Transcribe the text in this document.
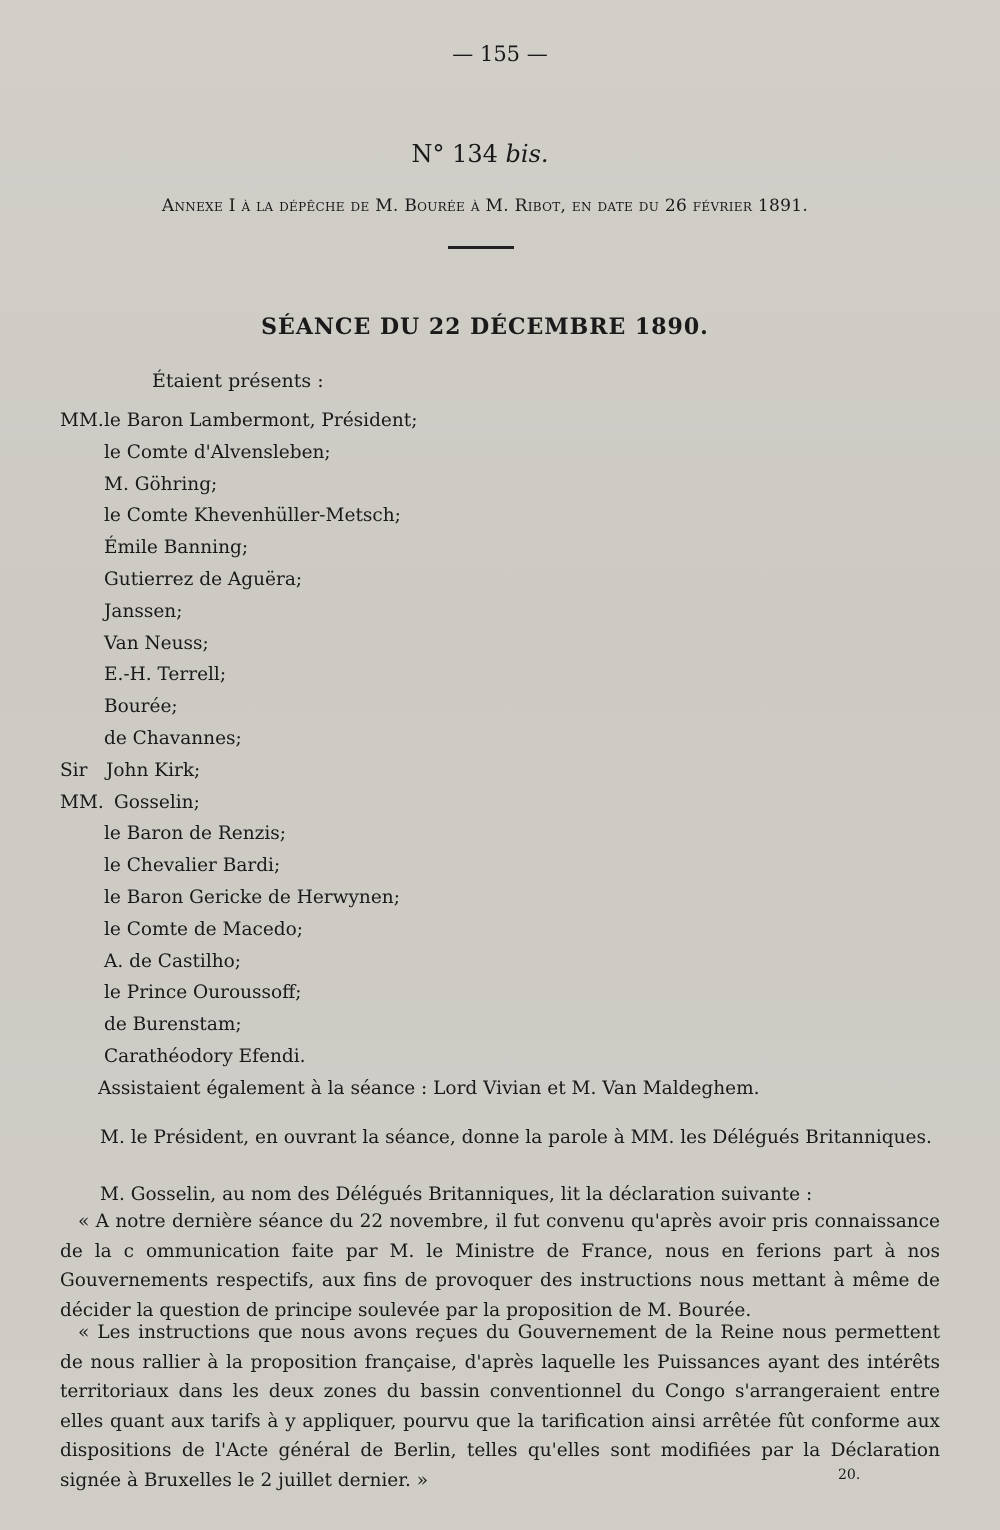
— 155 —
N° 134 bis.
Annexe I à la dépêche de M. Bourée à M. Ribot, en date du 26 février 1891.
SÉANCE DU 22 DÉCEMBRE 1890.
Étaient présents :
MM. le Baron Lambermont, Président;
le Comte d'Alvensleben;
M. Göhring;
le Comte Khevenhüller-Metsch;
Émile Banning;
Gutierrez de Aguëra;
Janssen;
Van Neuss;
E.-H. Terrell;
Bourée;
de Chavannes;
Sir John Kirk;
MM. Gosselin;
le Baron de Renzis;
le Chevalier Bardi;
le Baron Gericke de Herwynen;
le Comte de Macedo;
A. de Castilho;
le Prince Ouroussoff;
de Burenstam;
Carathéodory Efendi.
Assistaient également à la séance : Lord Vivian et M. Van Maldeghem.
M. le Président, en ouvrant la séance, donne la parole à MM. les Délégués Britanniques.
M. Gosselin, au nom des Délégués Britanniques, lit la déclaration suivante :
« A notre dernière séance du 22 novembre, il fut convenu qu'après avoir pris connaissance de la c ommunication faite par M. le Ministre de France, nous en ferions part à nos Gouvernements respectifs, aux fins de provoquer des instructions nous mettant à même de décider la question de principe soulevée par la proposition de M. Bourée.
« Les instructions que nous avons reçues du Gouvernement de la Reine nous permettent de nous rallier à la proposition française, d'après laquelle les Puissances ayant des intérêts territoriaux dans les deux zones du bassin conventionnel du Congo s'arrangeraient entre elles quant aux tarifs à y appliquer, pourvu que la tarification ainsi arrêtée fût conforme aux dispositions de l'Acte général de Berlin, telles qu'elles sont modifiées par la Déclaration signée à Bruxelles le 2 juillet dernier. »	20.
